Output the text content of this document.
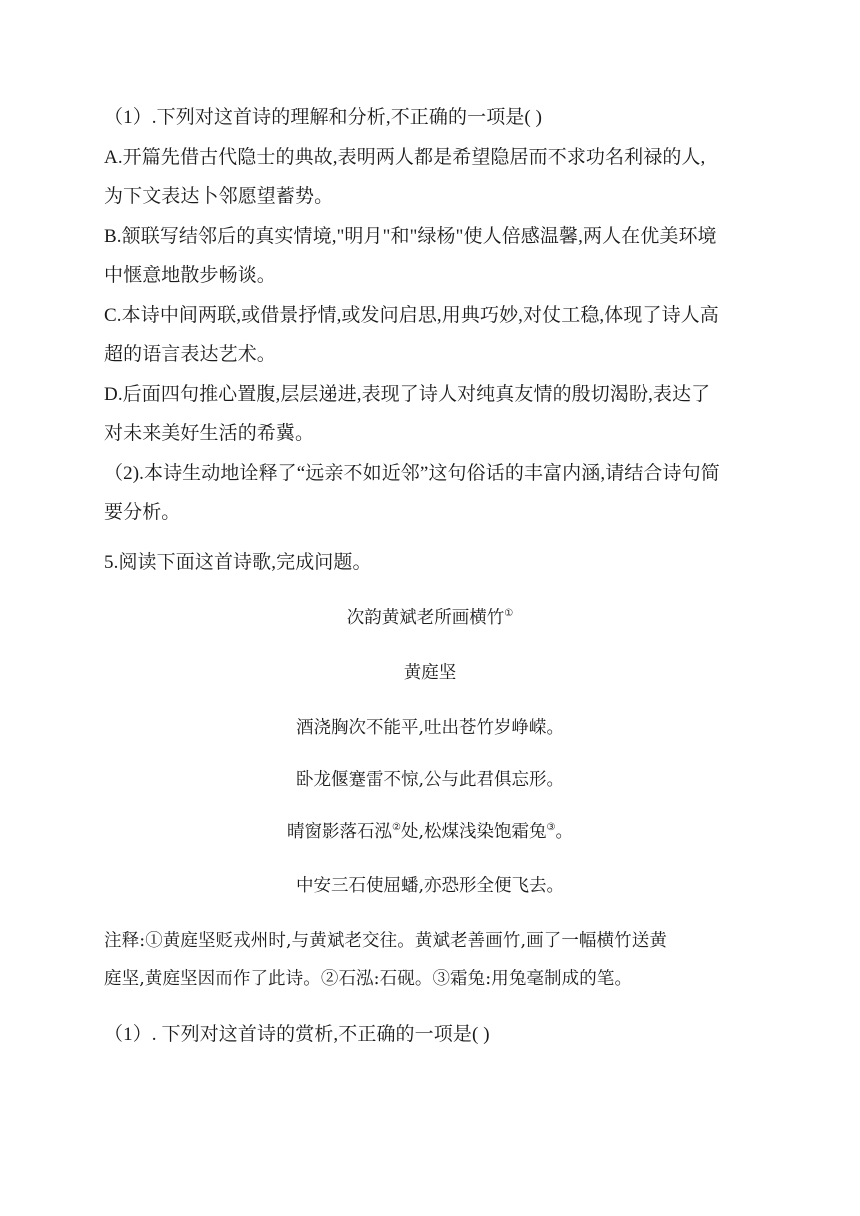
（1）.下列对这首诗的理解和分析,不正确的一项是( )
A.开篇先借古代隐士的典故,表明两人都是希望隐居而不求功名利禄的人,
为下文表达卜邻愿望蓄势。
B.颔联写结邻后的真实情境,"明月"和"绿杨"使人倍感温馨,两人在优美环境
中惬意地散步畅谈。
C.本诗中间两联,或借景抒情,或发问启思,用典巧妙,对仗工稳,体现了诗人高
超的语言表达艺术。
D.后面四句推心置腹,层层递进,表现了诗人对纯真友情的殷切渴盼,表达了
对未来美好生活的希冀。
（2).本诗生动地诠释了“远亲不如近邻”这句俗话的丰富内涵,请结合诗句简
要分析。
5.阅读下面这首诗歌,完成问题。
次韵黄斌老所画横竹①
黄庭坚
酒浇胸次不能平,吐出苍竹岁峥嵘。
卧龙偃蹇雷不惊,公与此君俱忘形。
晴窗影落石泓②处,松煤浅染饱霜兔③。
中安三石使屈蟠,亦恐形全便飞去。
注释:①黄庭坚贬戎州时,与黄斌老交往。黄斌老善画竹,画了一幅横竹送黄
庭坚,黄庭坚因而作了此诗。②石泓:石砚。③霜兔:用兔毫制成的笔。
（1）. 下列对这首诗的赏析,不正确的一项是( )
